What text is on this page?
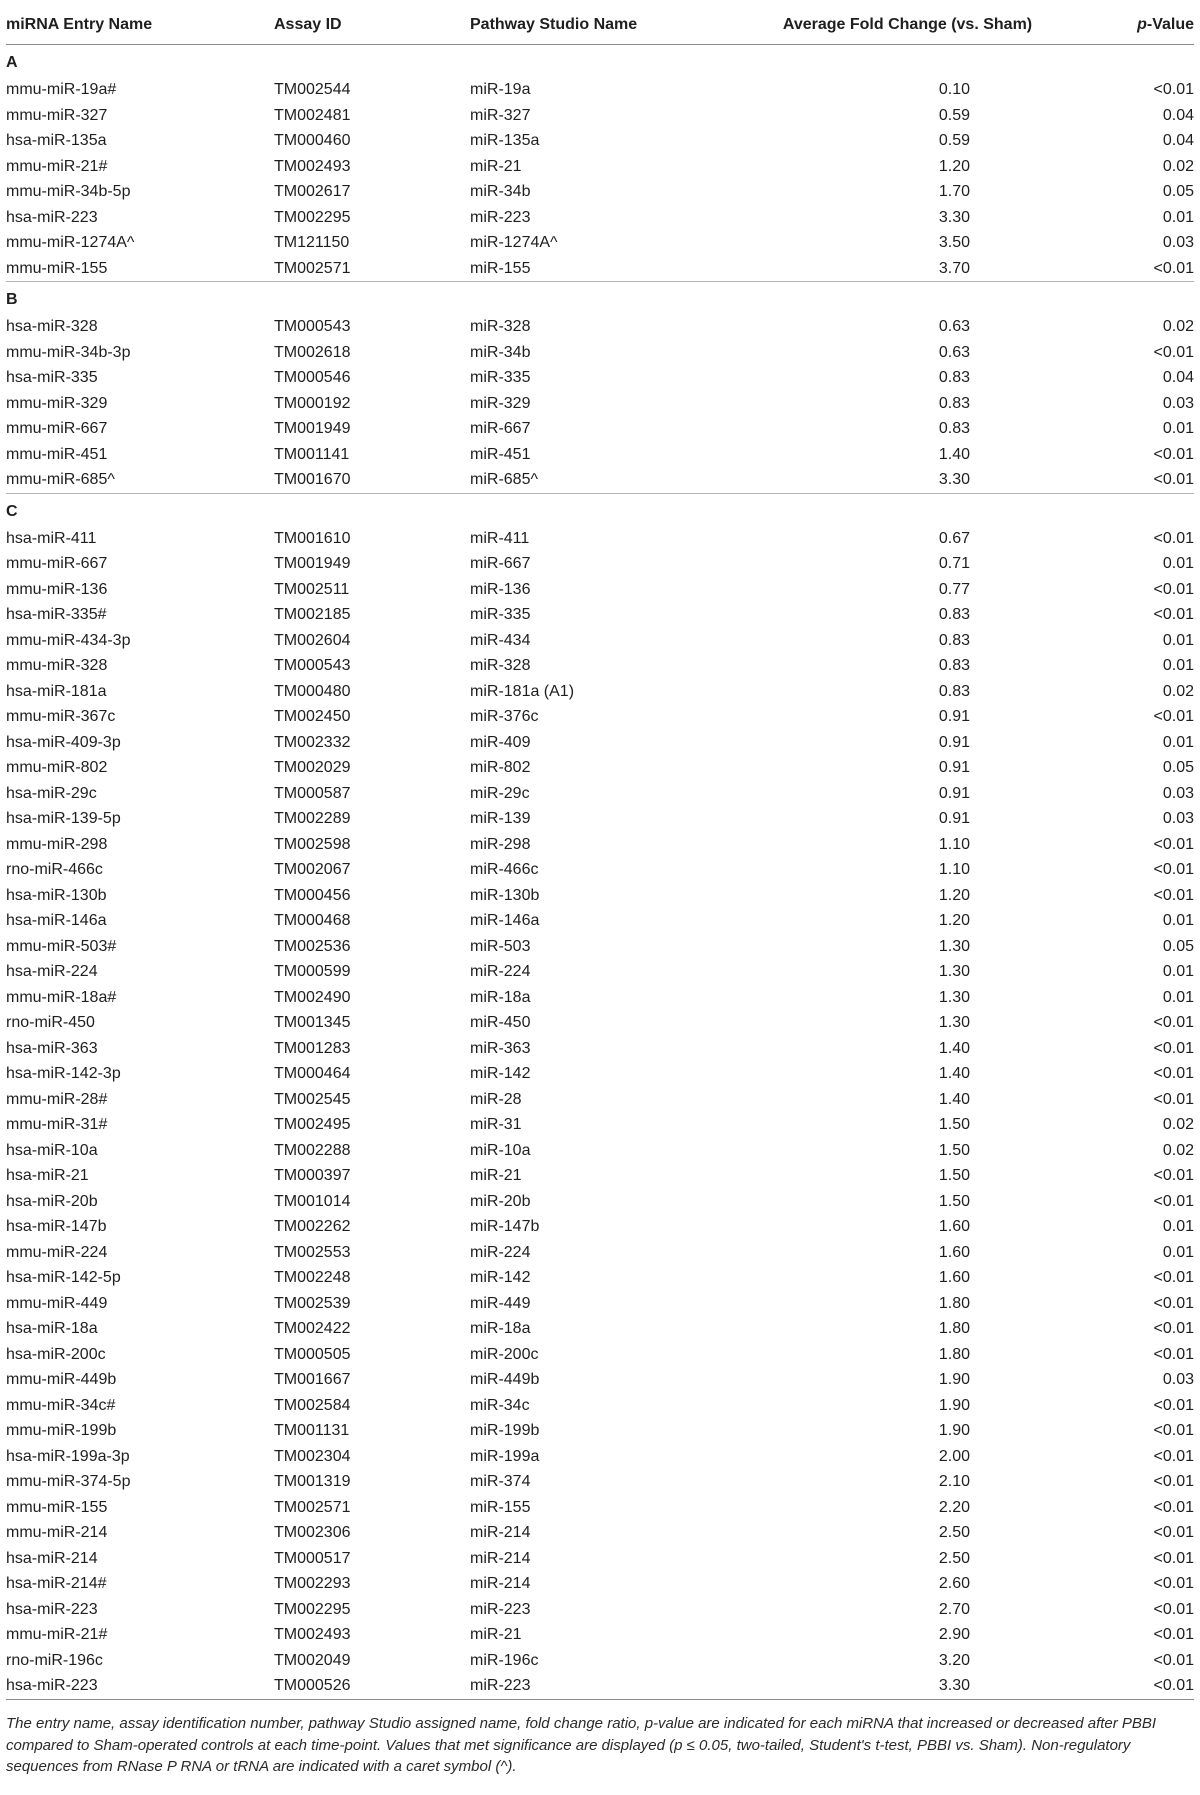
miRNA Entry Name	Assay ID	Pathway Studio Name	Average Fold Change (vs. Sham)	p-Value
A				
mmu-miR-19a#	TM002544	miR-19a	0.10	<0.01
mmu-miR-327	TM002481	miR-327	0.59	0.04
hsa-miR-135a	TM000460	miR-135a	0.59	0.04
mmu-miR-21#	TM002493	miR-21	1.20	0.02
mmu-miR-34b-5p	TM002617	miR-34b	1.70	0.05
hsa-miR-223	TM002295	miR-223	3.30	0.01
mmu-miR-1274A^	TM121150	miR-1274A^	3.50	0.03
mmu-miR-155	TM002571	miR-155	3.70	<0.01
B				
hsa-miR-328	TM000543	miR-328	0.63	0.02
mmu-miR-34b-3p	TM002618	miR-34b	0.63	<0.01
hsa-miR-335	TM000546	miR-335	0.83	0.04
mmu-miR-329	TM000192	miR-329	0.83	0.03
mmu-miR-667	TM001949	miR-667	0.83	0.01
mmu-miR-451	TM001141	miR-451	1.40	<0.01
mmu-miR-685^	TM001670	miR-685^	3.30	<0.01
C				
hsa-miR-411	TM001610	miR-411	0.67	<0.01
mmu-miR-667	TM001949	miR-667	0.71	0.01
mmu-miR-136	TM002511	miR-136	0.77	<0.01
hsa-miR-335#	TM002185	miR-335	0.83	<0.01
mmu-miR-434-3p	TM002604	miR-434	0.83	0.01
mmu-miR-328	TM000543	miR-328	0.83	0.01
hsa-miR-181a	TM000480	miR-181a (A1)	0.83	0.02
mmu-miR-367c	TM002450	miR-376c	0.91	<0.01
hsa-miR-409-3p	TM002332	miR-409	0.91	0.01
mmu-miR-802	TM002029	miR-802	0.91	0.05
hsa-miR-29c	TM000587	miR-29c	0.91	0.03
hsa-miR-139-5p	TM002289	miR-139	0.91	0.03
mmu-miR-298	TM002598	miR-298	1.10	<0.01
rno-miR-466c	TM002067	miR-466c	1.10	<0.01
hsa-miR-130b	TM000456	miR-130b	1.20	<0.01
hsa-miR-146a	TM000468	miR-146a	1.20	0.01
mmu-miR-503#	TM002536	miR-503	1.30	0.05
hsa-miR-224	TM000599	miR-224	1.30	0.01
mmu-miR-18a#	TM002490	miR-18a	1.30	0.01
rno-miR-450	TM001345	miR-450	1.30	<0.01
hsa-miR-363	TM001283	miR-363	1.40	<0.01
hsa-miR-142-3p	TM000464	miR-142	1.40	<0.01
mmu-miR-28#	TM002545	miR-28	1.40	<0.01
mmu-miR-31#	TM002495	miR-31	1.50	0.02
hsa-miR-10a	TM002288	miR-10a	1.50	0.02
hsa-miR-21	TM000397	miR-21	1.50	<0.01
hsa-miR-20b	TM001014	miR-20b	1.50	<0.01
hsa-miR-147b	TM002262	miR-147b	1.60	0.01
mmu-miR-224	TM002553	miR-224	1.60	0.01
hsa-miR-142-5p	TM002248	miR-142	1.60	<0.01
mmu-miR-449	TM002539	miR-449	1.80	<0.01
hsa-miR-18a	TM002422	miR-18a	1.80	<0.01
hsa-miR-200c	TM000505	miR-200c	1.80	<0.01
mmu-miR-449b	TM001667	miR-449b	1.90	0.03
mmu-miR-34c#	TM002584	miR-34c	1.90	<0.01
mmu-miR-199b	TM001131	miR-199b	1.90	<0.01
hsa-miR-199a-3p	TM002304	miR-199a	2.00	<0.01
mmu-miR-374-5p	TM001319	miR-374	2.10	<0.01
mmu-miR-155	TM002571	miR-155	2.20	<0.01
mmu-miR-214	TM002306	miR-214	2.50	<0.01
hsa-miR-214	TM000517	miR-214	2.50	<0.01
hsa-miR-214#	TM002293	miR-214	2.60	<0.01
hsa-miR-223	TM002295	miR-223	2.70	<0.01
mmu-miR-21#	TM002493	miR-21	2.90	<0.01
rno-miR-196c	TM002049	miR-196c	3.20	<0.01
hsa-miR-223	TM000526	miR-223	3.30	<0.01
The entry name, assay identification number, pathway Studio assigned name, fold change ratio, p-value are indicated for each miRNA that increased or decreased after PBBI compared to Sham-operated controls at each time-point. Values that met significance are displayed (p ≤ 0.05, two-tailed, Student's t-test, PBBI vs. Sham). Non-regulatory sequences from RNase P RNA or tRNA are indicated with a caret symbol (^).
